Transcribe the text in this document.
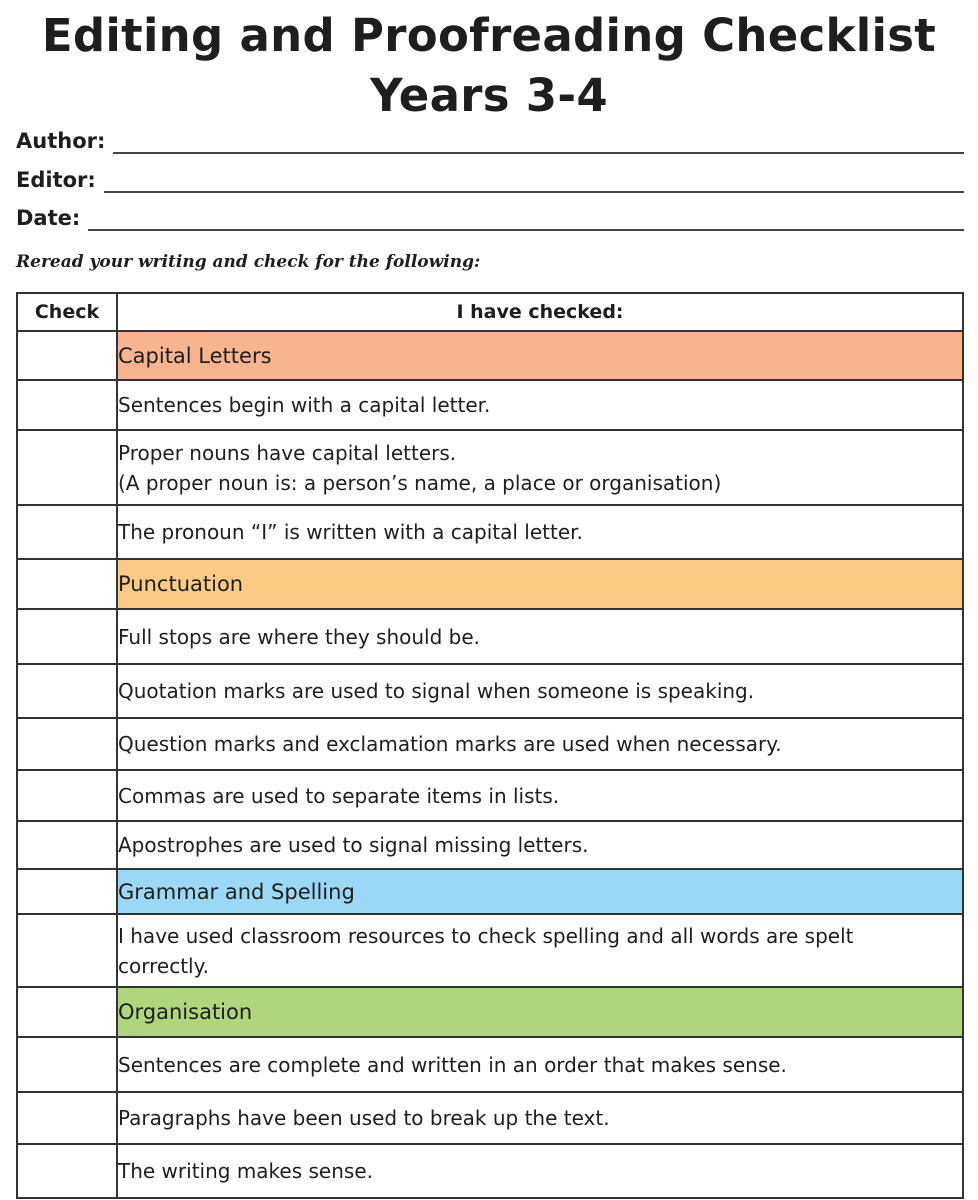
Editing and Proofreading Checklist
Years 3-4
Author:
Editor:
Date:
Reread your writing and check for the following:
Check	I have checked:
	Capital Letters
	Sentences begin with a capital letter.
	Proper nouns have capital letters.
(A proper noun is: a person’s name, a place or organisation)
	The pronoun “I” is written with a capital letter.
	Punctuation
	Full stops are where they should be.
	Quotation marks are used to signal when someone is speaking.
	Question marks and exclamation marks are used when necessary.
	Commas are used to separate items in lists.
	Apostrophes are used to signal missing letters.
	Grammar and Spelling
	I have used classroom resources to check spelling and all words are spelt
correctly.
	Organisation
	Sentences are complete and written in an order that makes sense.
	Paragraphs have been used to break up the text.
	The writing makes sense.
